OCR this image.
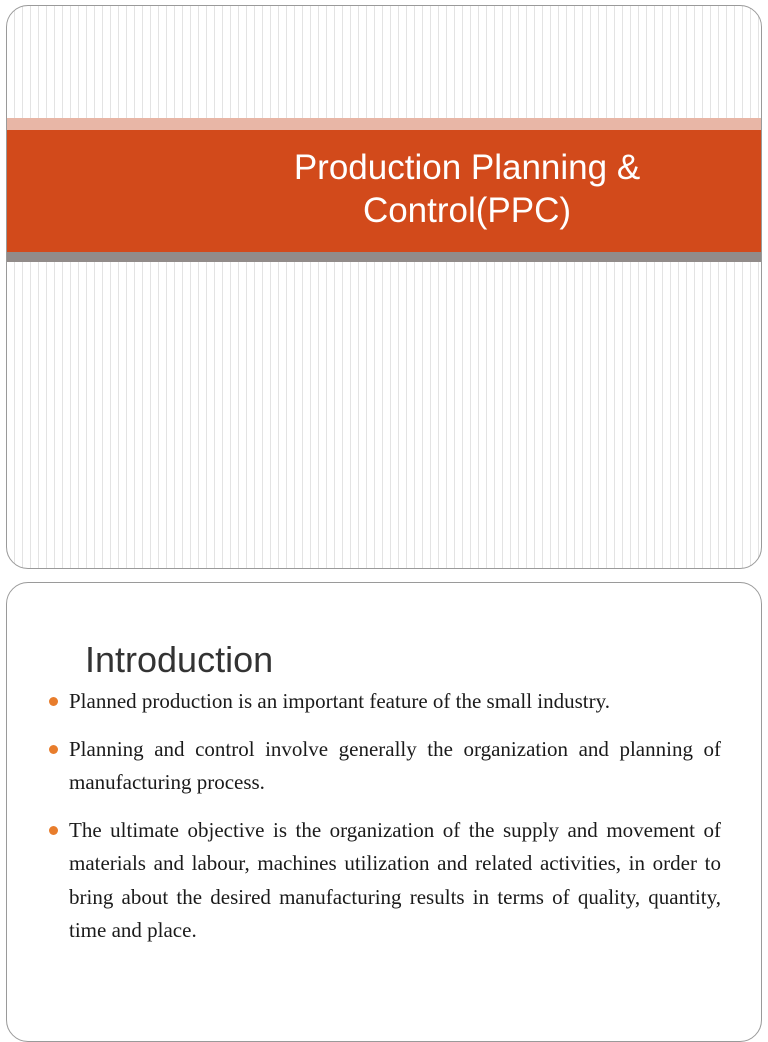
Production Planning &
Control(PPC)
Introduction
Planned production is an important feature of the small industry.
Planning and control involve generally the organization and planning of manufacturing process.
The ultimate objective is the organization of the supply and movement of materials and labour, machines utilization and related activities, in order to bring about the desired manufacturing results in terms of quality, quantity, time and place.
